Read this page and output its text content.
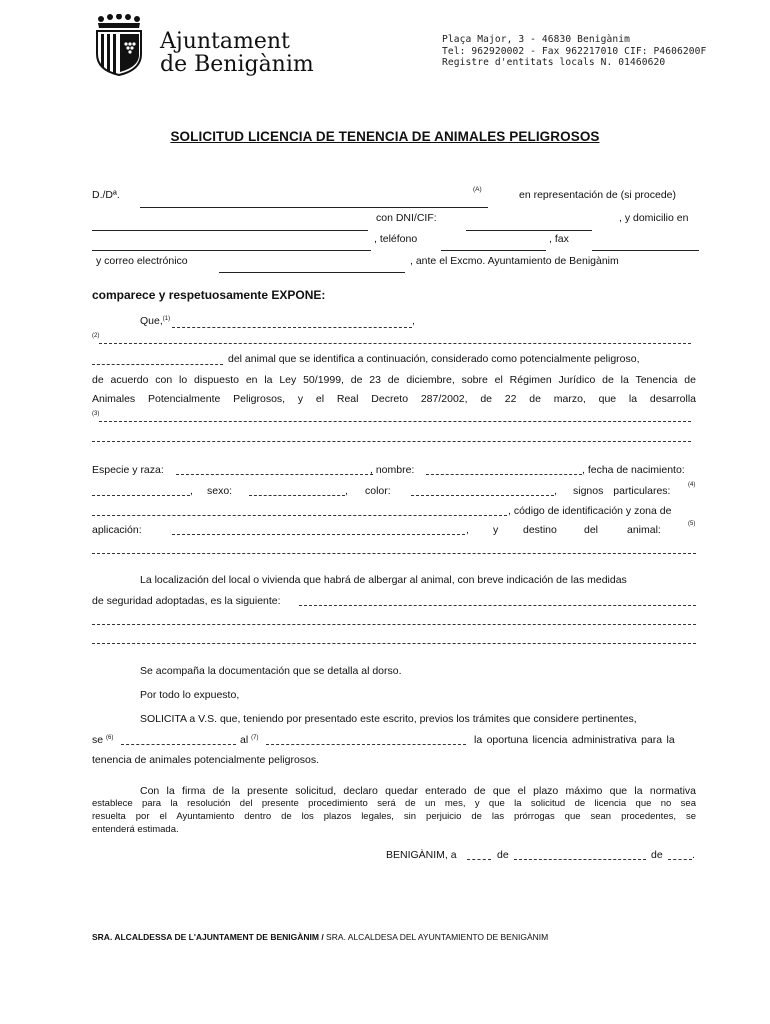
Ajuntament
de Benigànim
Plaça Major, 3 - 46830 Benigànim
Tel: 962920002 - Fax 962217010 CIF: P4606200F
Registre d'entitats locals N. 01460620
SOLICITUD LICENCIA DE TENENCIA DE ANIMALES PELIGROSOS
D./Dª.	(A)	en representación de (si procede)
con DNI/CIF:	, y domicilio en
, teléfono	, fax
y correo electrónico	, ante el Excmo. Ayuntamiento de Benigànim
comparece y respetuosamente EXPONE:
Que,$^{(1)}$	,
(2)
del animal que se identifica a continuación, considerado como potencialmente peligroso,
de acuerdo con lo dispuesto en la Ley 50/1999, de 23 de diciembre, sobre el Régimen Jurídico de la Tenencia de
Animales Potencialmente Peligrosos, y el Real Decreto 287/2002, de 22 de marzo, que la desarrolla
(3)
Especie y raza:	, nombre:	, fecha de nacimiento:
, sexo:	, color:	, signos particulares:	(4)
, código de identificación y zona de
aplicación:	, y destino	del	animal:	(5)
La localización del local o vivienda que habrá de albergar al animal, con breve indicación de las medidas
de seguridad adoptadas, es la siguiente:
Se acompaña la documentación que se detalla al dorso.
Por todo lo expuesto,
SOLICITA a V.S. que, teniendo por presentado este escrito, previos los trámites que considere pertinentes,
se $^{(6)}$	al $^{(7)}$	la oportuna licencia administrativa para la
tenencia de animales potencialmente peligrosos.
Con la firma de la presente solicitud, declaro quedar enterado de que el plazo máximo que la normativa
establece para la resolución del presente procedimiento será de un mes, y que la solicitud de licencia que no sea
resuelta por el Ayuntamiento dentro de los plazos legales, sin perjuicio de las prórrogas que sean procedentes, se
entenderá estimada.
BENIGÀNIM, a	de	de	.
SRA. ALCALDESSA DE L'AJUNTAMENT DE BENIGÀNIM / SRA. ALCALDESA DEL AYUNTAMIENTO DE BENIGÀNIM
